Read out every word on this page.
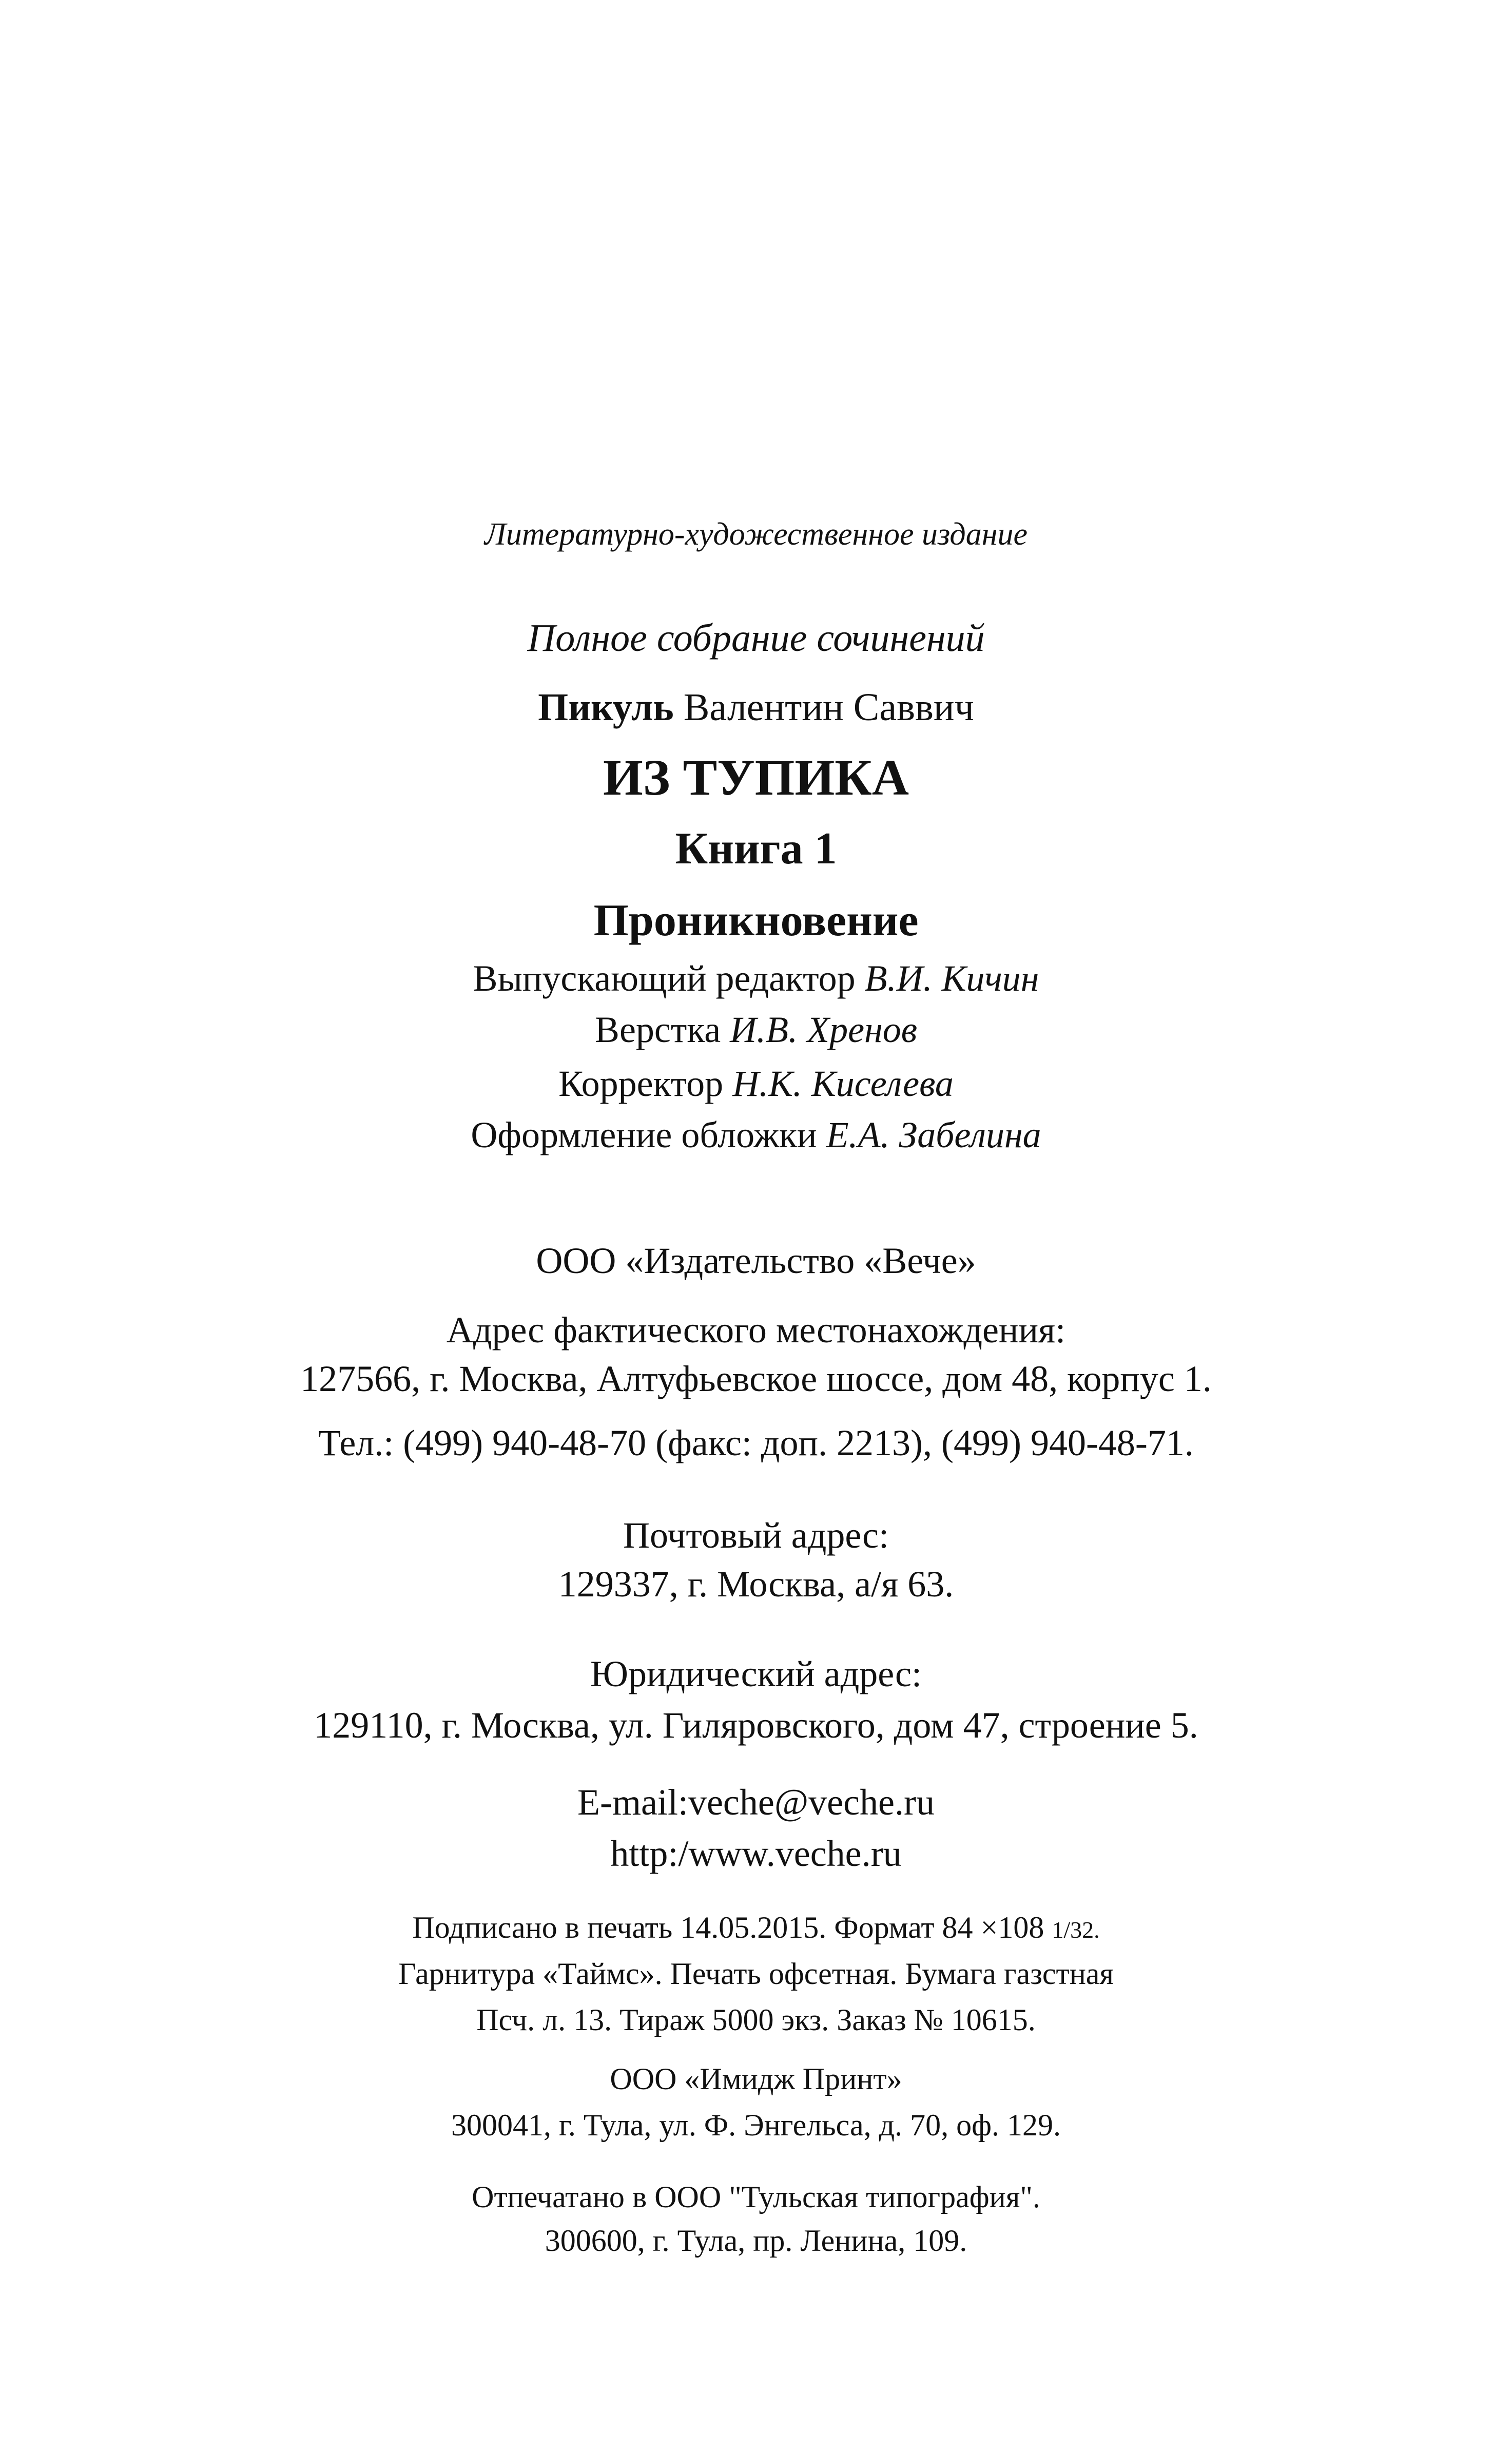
Литературно-художественное издание
Полное собрание сочинений
Пикуль Валентин Саввич
ИЗ ТУПИКА
Книга 1
Проникновение
Выпускающий редактор В.И. Кичин
Верстка И.В. Хренов
Корректор Н.К. Киселева
Оформление обложки Е.А. Забелина
ООО «Издательство «Вече»
Адрес фактического местонахождения:
127566, г. Москва, Алтуфьевское шоссе, дом 48, корпус 1.
Тел.: (499) 940-48-70 (факс: доп. 2213), (499) 940-48-71.
Почтовый адрес:
129337, г. Москва, а/я 63.
Юридический адрес:
129110, г. Москва, ул. Гиляровского, дом 47, строение 5.
E-mail:veche@veche.ru
http:/www.veche.ru
Подписано в печать 14.05.2015. Формат 84 ×108 1/32.
Гарнитура «Таймс». Печать офсетная. Бумага газстная
Псч. л. 13. Тираж 5000 экз. Заказ № 10615.
ООО «Имидж Принт»
300041, г. Тула, ул. Ф. Энгельса, д. 70, оф. 129.
Отпечатано в ООО "Тульская типография".
300600, г. Тула, пр. Ленина, 109.
